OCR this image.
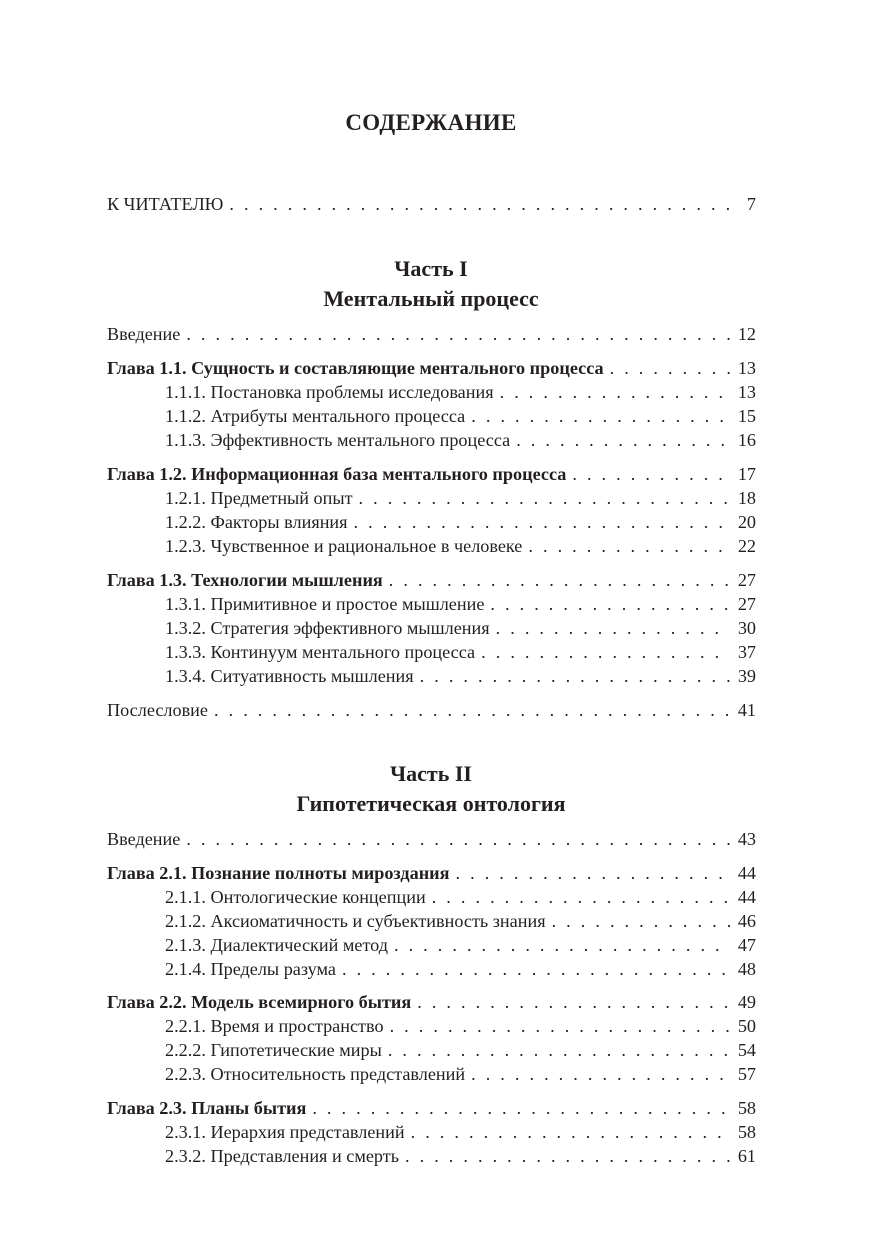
СОДЕРЖАНИЕ
К ЧИТАТЕЛЮ . . .	7
Часть I
Ментальный процесс
Введение . . .	12
Глава 1.1. Сущность и составляющие ментального процесса . . .	13
1.1.1. Постановка проблемы исследования . . .	13
1.1.2. Атрибуты ментального процесса . . .	15
1.1.3. Эффективность ментального процесса . . .	16
Глава 1.2. Информационная база ментального процесса . . .	17
1.2.1. Предметный опыт . . .	18
1.2.2. Факторы влияния . . .	20
1.2.3. Чувственное и рациональное в человеке . . .	22
Глава 1.3. Технологии мышления . . .	27
1.3.1. Примитивное и простое мышление . . .	27
1.3.2. Стратегия эффективного мышления . . .	30
1.3.3. Континуум ментального процесса . . .	37
1.3.4. Ситуативность мышления . . .	39
Послесловие . . .	41
Часть II
Гипотетическая онтология
Введение . . .	43
Глава 2.1. Познание полноты мироздания . . .	44
2.1.1. Онтологические концепции . . .	44
2.1.2. Аксиоматичность и субъективность знания . . .	46
2.1.3. Диалектический метод . . .	47
2.1.4. Пределы разума . . .	48
Глава 2.2. Модель всемирного бытия . . .	49
2.2.1. Время и пространство . . .	50
2.2.2. Гипотетические миры . . .	54
2.2.3. Относительность представлений . . .	57
Глава 2.3. Планы бытия . . .	58
2.3.1. Иерархия представлений . . .	58
2.3.2. Представления и смерть . . .	61
